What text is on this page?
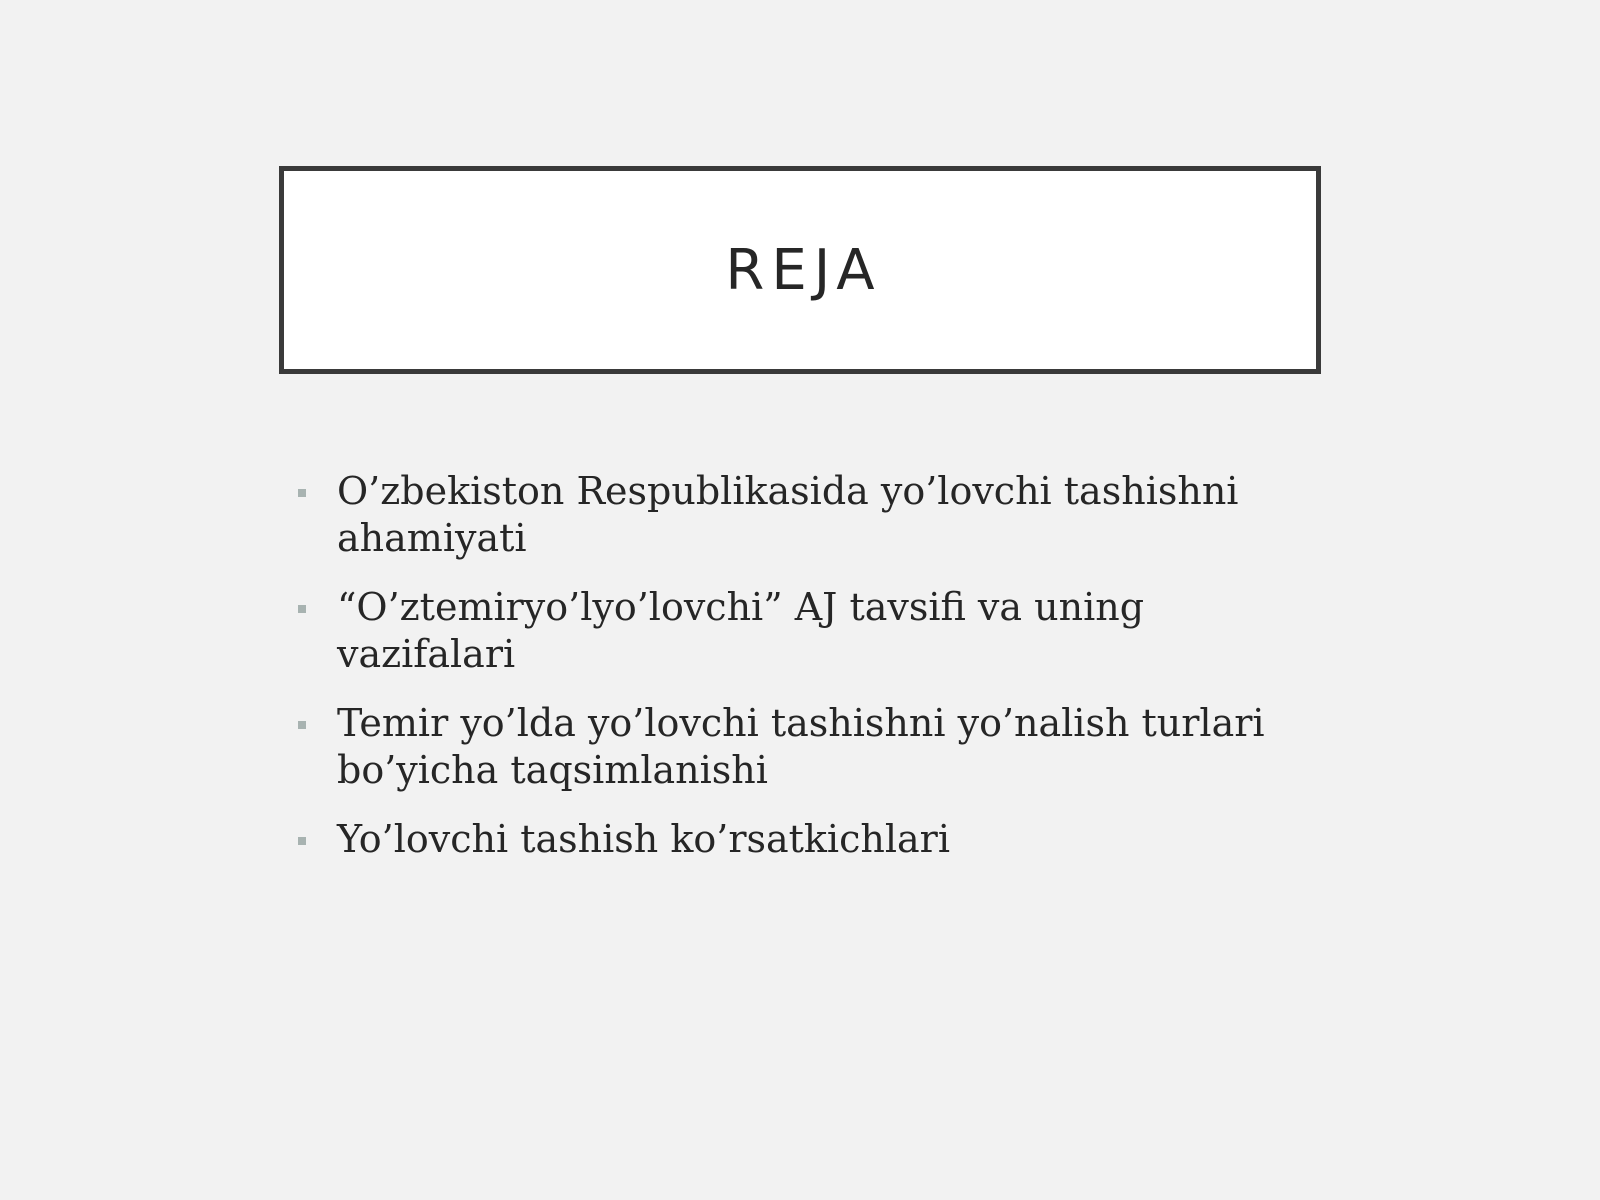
REJA
O’zbekiston Respublikasida yo’lovchi tashishni ahamiyati
“O’ztemiryo’lyo’lovchi” AJ tavsifi va uning vazifalari
Temir yo’lda yo’lovchi tashishni yo’nalish turlari bo’yicha taqsimlanishi
Yo’lovchi tashish ko’rsatkichlari
